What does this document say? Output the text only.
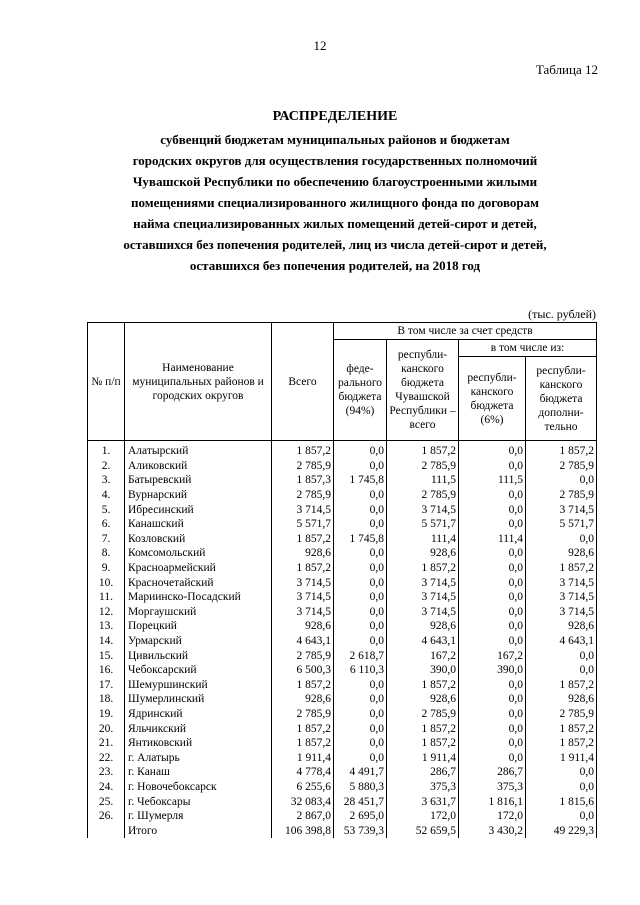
12
Таблица 12
РАСПРЕДЕЛЕНИЕ
субвенций бюджетам муниципальных районов и бюджетам
городских округов для осуществления государственных полномочий
Чувашской Республики по обеспечению благоустроенными жилыми
помещениями специализированного жилищного фонда по договорам
найма специализированных жилых помещений детей-сирот и детей,
оставшихся без попечения родителей, лиц из числа детей-сирот и детей,
оставшихся без попечения родителей, на 2018 год
(тыс. рублей)
№ п/п	Наименование муниципальных районов и городских округов	Всего	В том числе за счет средств			
			феде-рального бюджета (94%)	республи-канского бюджета Чувашской Республики – всего	в том числе из:	
					республи-канского бюджета (6%)	республи-канского бюджета дополни-тельно
1.	Алатырский	1 857,2	0,0	1 857,2	0,0	1 857,2
2.	Аликовский	2 785,9	0,0	2 785,9	0,0	2 785,9
3.	Батыревский	1 857,3	1 745,8	111,5	111,5	0,0
4.	Вурнарский	2 785,9	0,0	2 785,9	0,0	2 785,9
5.	Ибресинский	3 714,5	0,0	3 714,5	0,0	3 714,5
6.	Канашский	5 571,7	0,0	5 571,7	0,0	5 571,7
7.	Козловский	1 857,2	1 745,8	111,4	111,4	0,0
8.	Комсомольский	928,6	0,0	928,6	0,0	928,6
9.	Красноармейский	1 857,2	0,0	1 857,2	0,0	1 857,2
10.	Красночетайский	3 714,5	0,0	3 714,5	0,0	3 714,5
11.	Мариинско-Посадский	3 714,5	0,0	3 714,5	0,0	3 714,5
12.	Моргаушский	3 714,5	0,0	3 714,5	0,0	3 714,5
13.	Порецкий	928,6	0,0	928,6	0,0	928,6
14.	Урмарский	4 643,1	0,0	4 643,1	0,0	4 643,1
15.	Цивильский	2 785,9	2 618,7	167,2	167,2	0,0
16.	Чебоксарский	6 500,3	6 110,3	390,0	390,0	0,0
17.	Шемуршинский	1 857,2	0,0	1 857,2	0,0	1 857,2
18.	Шумерлинский	928,6	0,0	928,6	0,0	928,6
19.	Ядринский	2 785,9	0,0	2 785,9	0,0	2 785,9
20.	Яльчикский	1 857,2	0,0	1 857,2	0,0	1 857,2
21.	Янтиковский	1 857,2	0,0	1 857,2	0,0	1 857,2
22.	г. Алатырь	1 911,4	0,0	1 911,4	0,0	1 911,4
23.	г. Канаш	4 778,4	4 491,7	286,7	286,7	0,0
24.	г. Новочебоксарск	6 255,6	5 880,3	375,3	375,3	0,0
25.	г. Чебоксары	32 083,4	28 451,7	3 631,7	1 816,1	1 815,6
26.	г. Шумерля	2 867,0	2 695,0	172,0	172,0	0,0
	Итого	106 398,8	53 739,3	52 659,5	3 430,2	49 229,3
